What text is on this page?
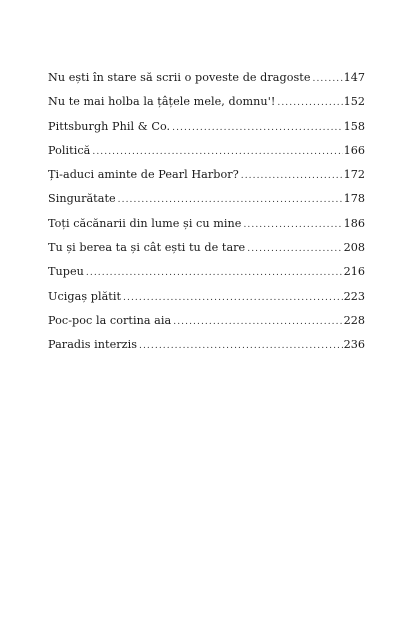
Nu ești în stare să scrii o poveste de dragoste .....	147
Nu te mai holba la țâțele mele, domnu'! .....	152
Pittsburgh Phil & Co. .....	158
Politică .....	166
Ți-aduci aminte de Pearl Harbor? .....	172
Singurătate .....	178
Toți căcănarii din lume și cu mine .....	186
Tu și berea ta și cât ești tu de tare .....	208
Tupeu .....	216
Ucigaș plătit .....	223
Poc-poc la cortina aia .....	228
Paradis interzis .....	236
